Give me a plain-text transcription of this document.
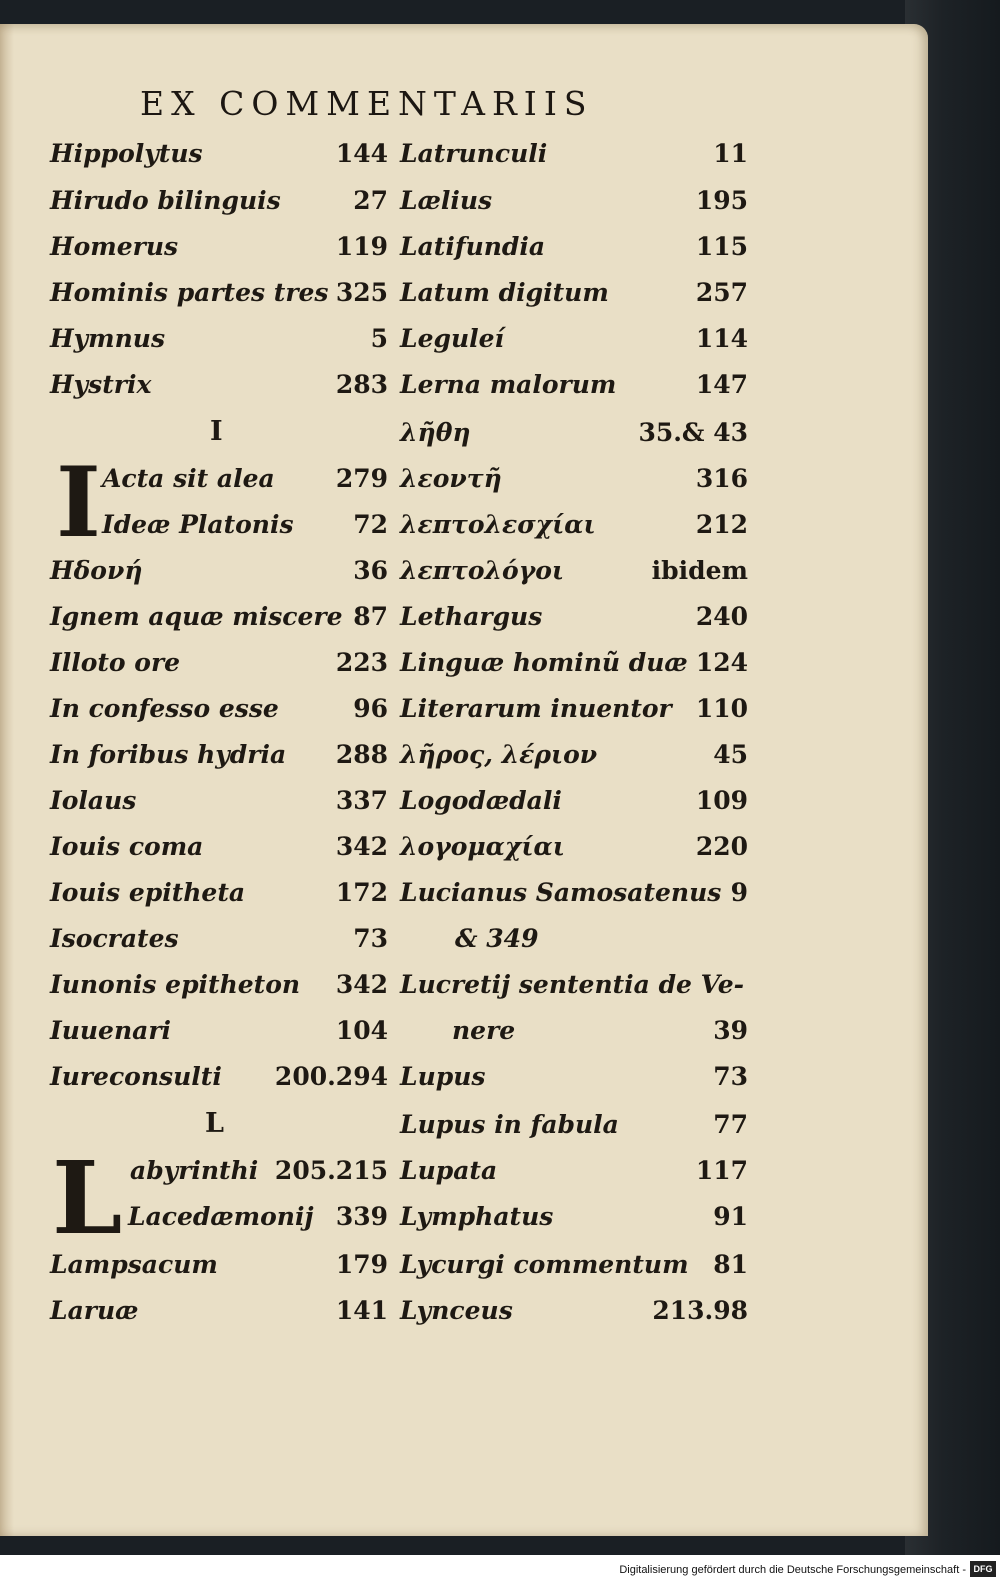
EX COMMENTARIIS
Hippolytus	144
Hirudo bilinguis	27
Homerus	119
Hominis partes tres 325
Hymnus	5
Hystrix	283
I
I Acta sit alea 279
Ideæ Platonis 72
Ηδονή	36
Ignem aquæ miscere 87
Illoto ore	223
In confesso esse	96
In foribus hydria 288
Iolaus	337
Iouis coma	342
Iouis epitheta	172
Isocrates	73
Iunonis epitheton 342
Iuuenari	104
Iureconsulti 200.294
L
L abyrinthi 205.215
Lacedæmonij 339
Lampsacum	179
Laruæ	141
Latrunculi	11
Lælius	195
Latifundia	115
Latum digitum	257
Leguleí	114
Lerna malorum	147
λῆθη	35.& 43
λεοντῆ	316
λεπτολεσχίαι	212
λεπτολόγοι	ibidem
Lethargus	240
Linguæ hominũ duæ 124
Literarum inuentor 110
λῆρος, λέριον	45
Logodædali	109
λογομαχίαι	220
Lucianus Samosatenus 9
& 349
Lucretij sententia de Ve-
nere	39
Lupus	73
Lupus in fabula	77
Lupata	117
Lymphatus	91
Lycurgi commentum 81
Lynceus	213.98
Digitalisierung gefördert durch die Deutsche Forschungsgemeinschaft - DFG
